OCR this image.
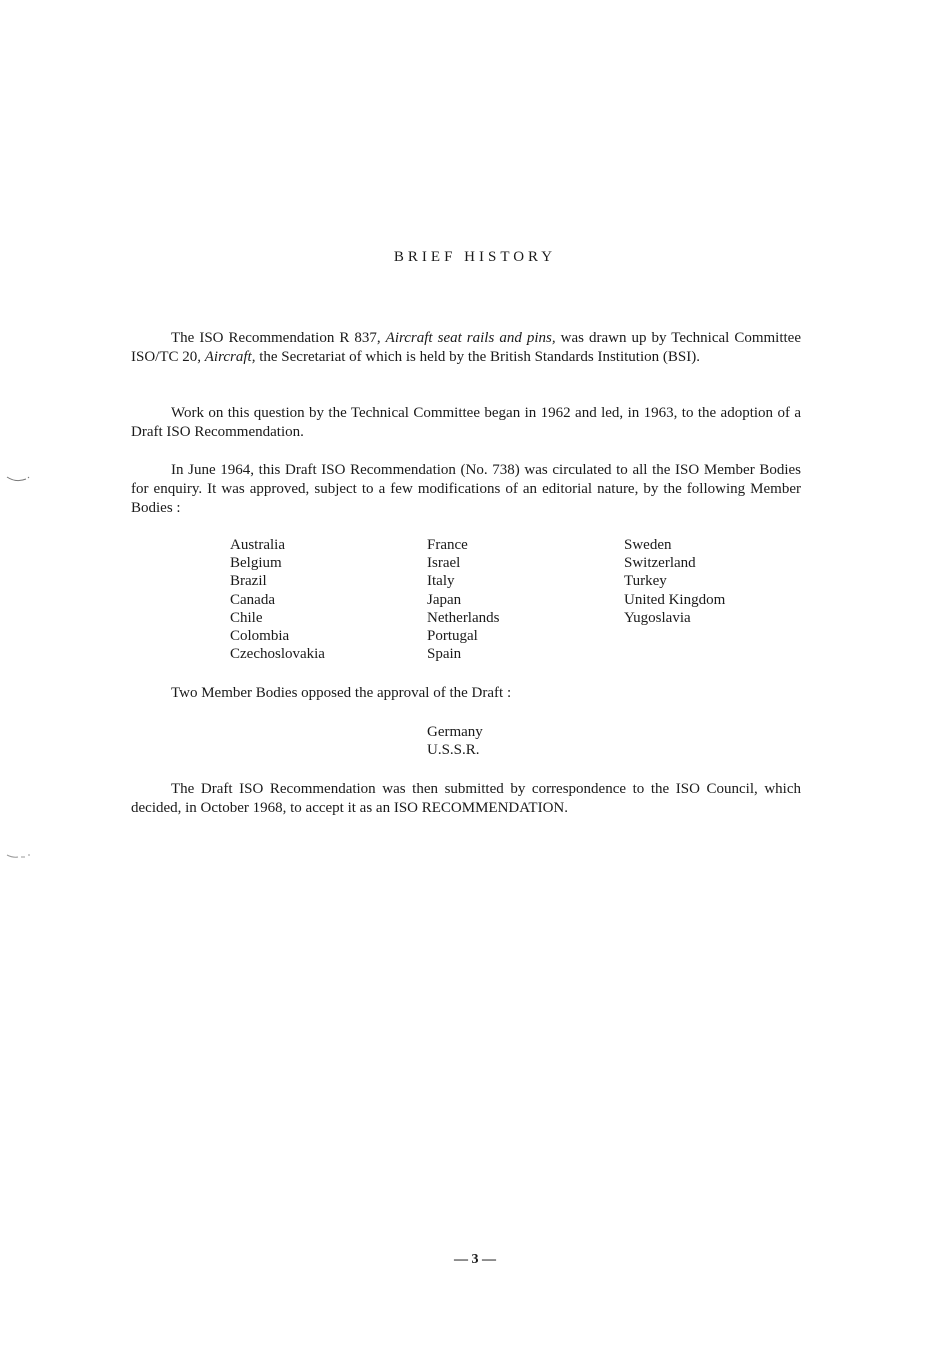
BRIEF HISTORY

The ISO Recommendation R 837, Aircraft seat rails and pins, was drawn up by Technical Committee ISO/TC 20, Aircraft, the Secretariat of which is held by the British Standards Institution (BSI).

Work on this question by the Technical Committee began in 1962 and led, in 1963, to the adoption of a Draft ISO Recommendation.

In June 1964, this Draft ISO Recommendation (No. 738) was circulated to all the ISO Member Bodies for enquiry. It was approved, subject to a few modifications of an editorial nature, by the following Member Bodies :

Australia
Belgium
Brazil
Canada
Chile
Colombia
Czechoslovakia
France
Israel
Italy
Japan
Netherlands
Portugal
Spain
Sweden
Switzerland
Turkey
United Kingdom
Yugoslavia

Two Member Bodies opposed the approval of the Draft :

Germany
U.S.S.R.

The Draft ISO Recommendation was then submitted by correspondence to the ISO Council, which decided, in October 1968, to accept it as an ISO RECOMMENDATION.

— 3 —
